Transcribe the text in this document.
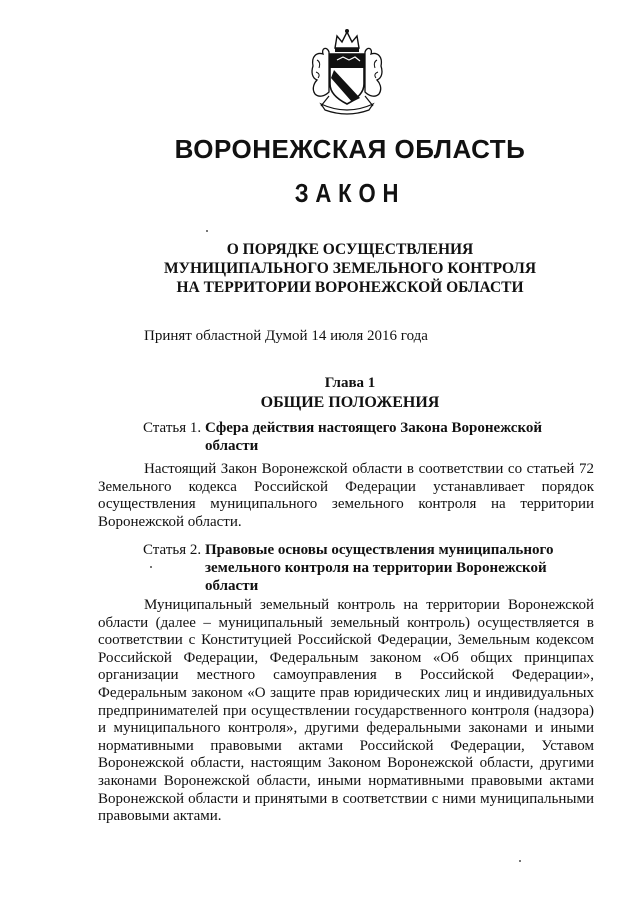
ВОРОНЕЖСКАЯ ОБЛАСТЬ
ЗАКОН
О ПОРЯДКЕ ОСУЩЕСТВЛЕНИЯ
МУНИЦИПАЛЬНОГО ЗЕМЕЛЬНОГО КОНТРОЛЯ
НА ТЕРРИТОРИИ ВОРОНЕЖСКОЙ ОБЛАСТИ
Принят областной Думой 14 июля 2016 года
Глава 1
ОБЩИЕ ПОЛОЖЕНИЯ
Статья 1. Сфера действия настоящего Закона Воронежской области
Настоящий Закон Воронежской области в соответствии со статьей 72 Земельного кодекса Российской Федерации устанавливает порядок осуществления муниципального земельного контроля на территории Воронежской области.
Статья 2. Правовые основы осуществления муниципального земельного контроля на территории Воронежской области
Муниципальный земельный контроль на территории Воронежской области (далее – муниципальный земельный контроль) осуществляется в соответствии с Конституцией Российской Федерации, Земельным кодексом Российской Федерации, Федеральным законом «Об общих принципах организации местного самоуправления в Российской Федерации», Федеральным законом «О защите прав юридических лиц и индивидуальных предпринимателей при осуществлении государственного контроля (надзора) и муниципального контроля», другими федеральными законами и иными нормативными правовыми актами Российской Федерации, Уставом Воронежской области, настоящим Законом Воронежской области, другими законами Воронежской области, иными нормативными правовыми актами Воронежской области и принятыми в соответствии с ними муниципальными правовыми актами.
